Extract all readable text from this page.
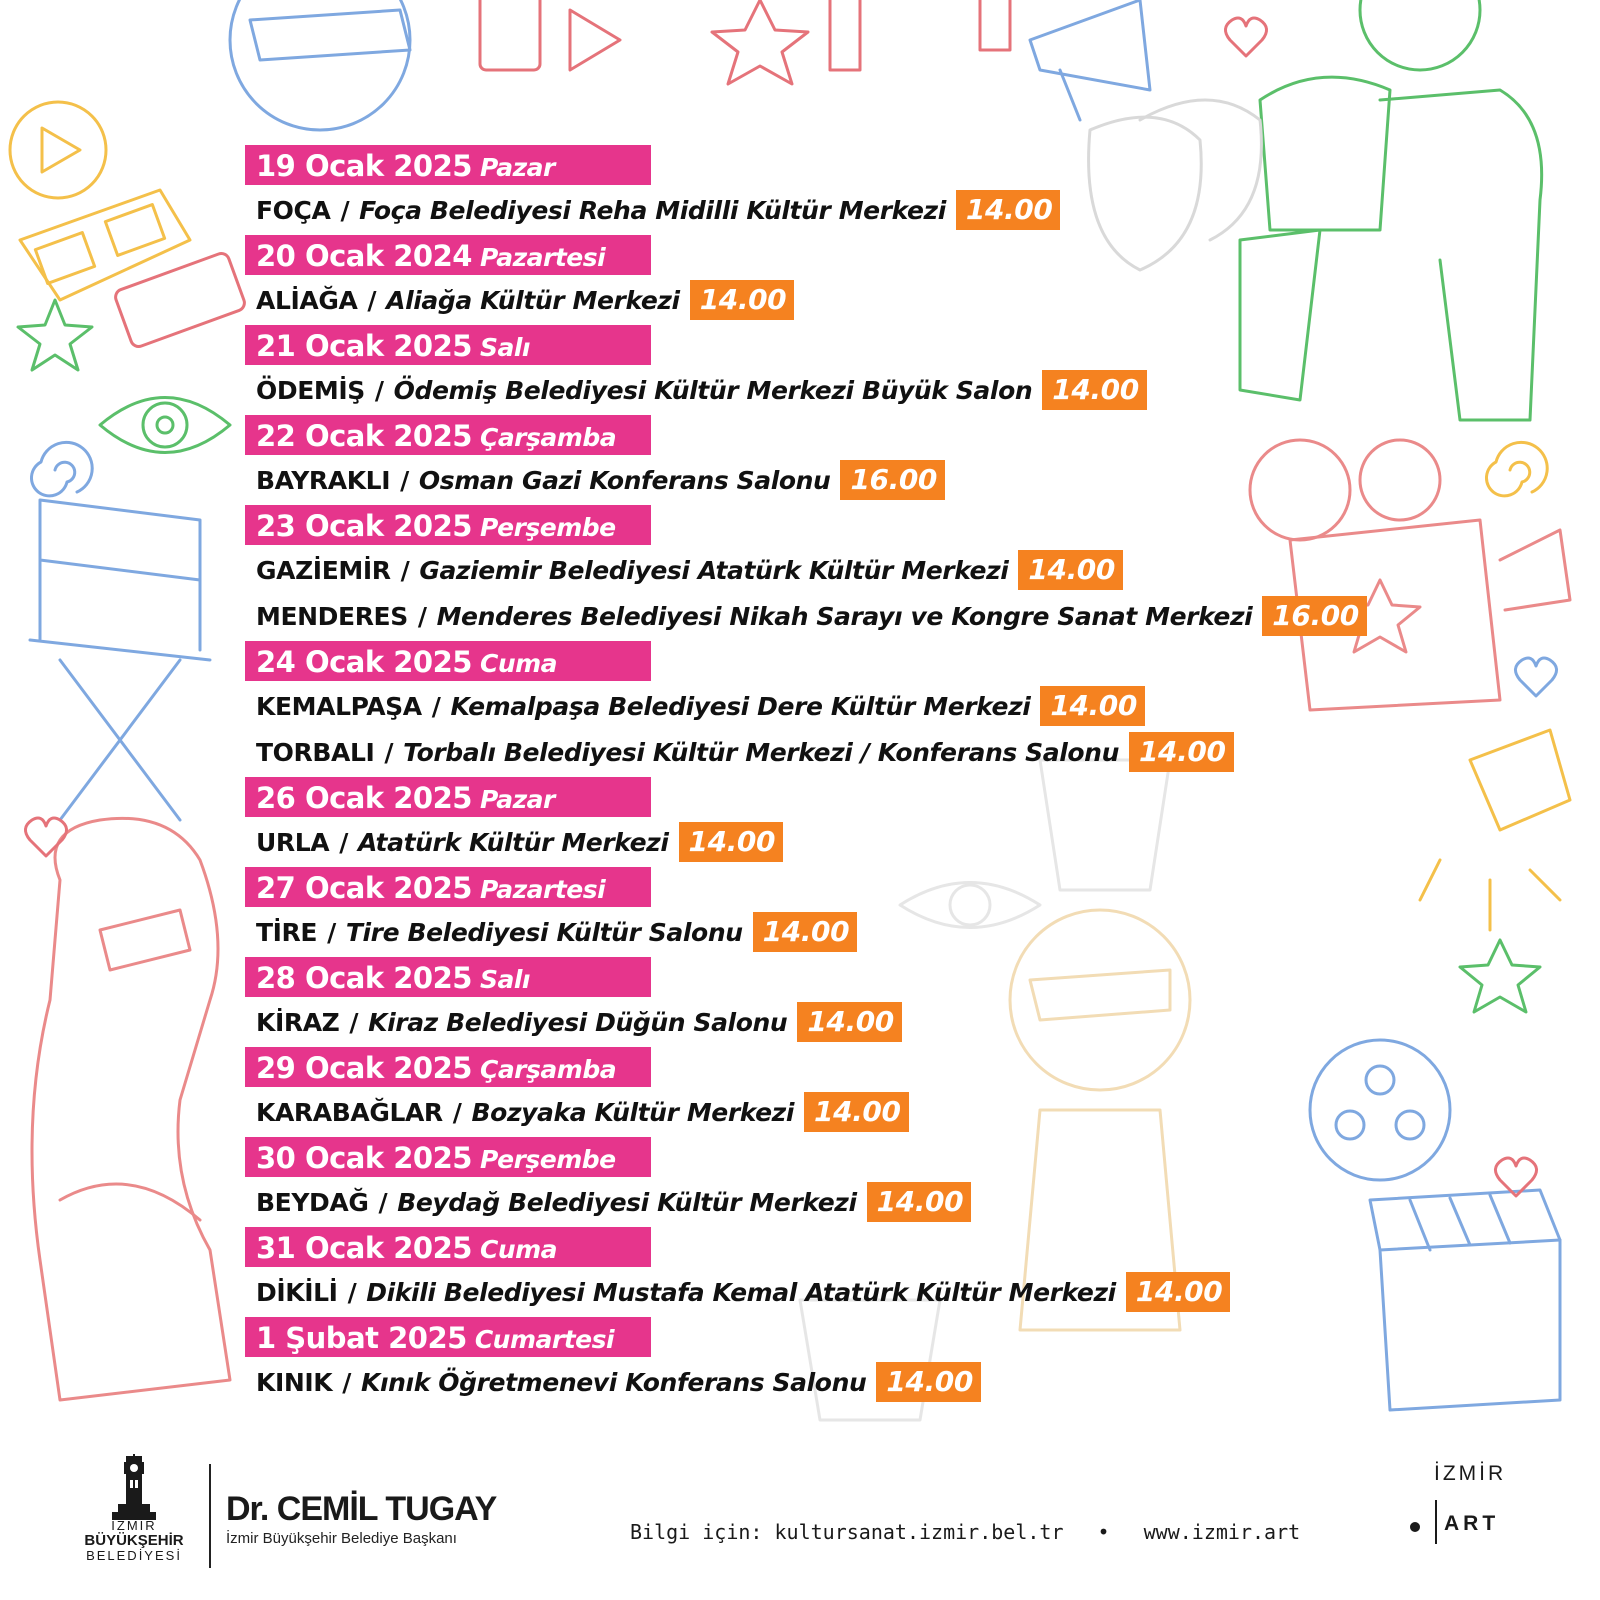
19 Ocak 2025 Pazar
FOÇA / Foça Belediyesi Reha Midilli Kültür Merkezi 14.00
20 Ocak 2024 Pazartesi
ALİAĞA / Aliağa Kültür Merkezi 14.00
21 Ocak 2025 Salı
ÖDEMİŞ / Ödemiş Belediyesi Kültür Merkezi Büyük Salon 14.00
22 Ocak 2025 Çarşamba
BAYRAKLI / Osman Gazi Konferans Salonu 16.00
23 Ocak 2025 Perşembe
GAZİEMİR / Gaziemir Belediyesi Atatürk Kültür Merkezi 14.00
MENDERES / Menderes Belediyesi Nikah Sarayı ve Kongre Sanat Merkezi 16.00
24 Ocak 2025 Cuma
KEMALPAŞA / Kemalpaşa Belediyesi Dere Kültür Merkezi 14.00
TORBALI / Torbalı Belediyesi Kültür Merkezi / Konferans Salonu 14.00
26 Ocak 2025 Pazar
URLA / Atatürk Kültür Merkezi 14.00
27 Ocak 2025 Pazartesi
TİRE / Tire Belediyesi Kültür Salonu 14.00
28 Ocak 2025 Salı
KİRAZ / Kiraz Belediyesi Düğün Salonu 14.00
29 Ocak 2025 Çarşamba
KARABAĞLAR / Bozyaka Kültür Merkezi 14.00
30 Ocak 2025 Perşembe
BEYDAĞ / Beydağ Belediyesi Kültür Merkezi 14.00
31 Ocak 2025 Cuma
DİKİLİ / Dikili Belediyesi Mustafa Kemal Atatürk Kültür Merkezi 14.00
1 Şubat 2025 Cumartesi
KINIK / Kınık Öğretmenevi Konferans Salonu 14.00
İZMİR
BÜYÜKŞEHİR
BELEDİYESİ
Dr. CEMİL TUGAY
İzmir Büyükşehir Belediye Başkanı	Bilgi için: kultursanat.izmir.bel.tr • www.izmir.art
İZMİR
ART
